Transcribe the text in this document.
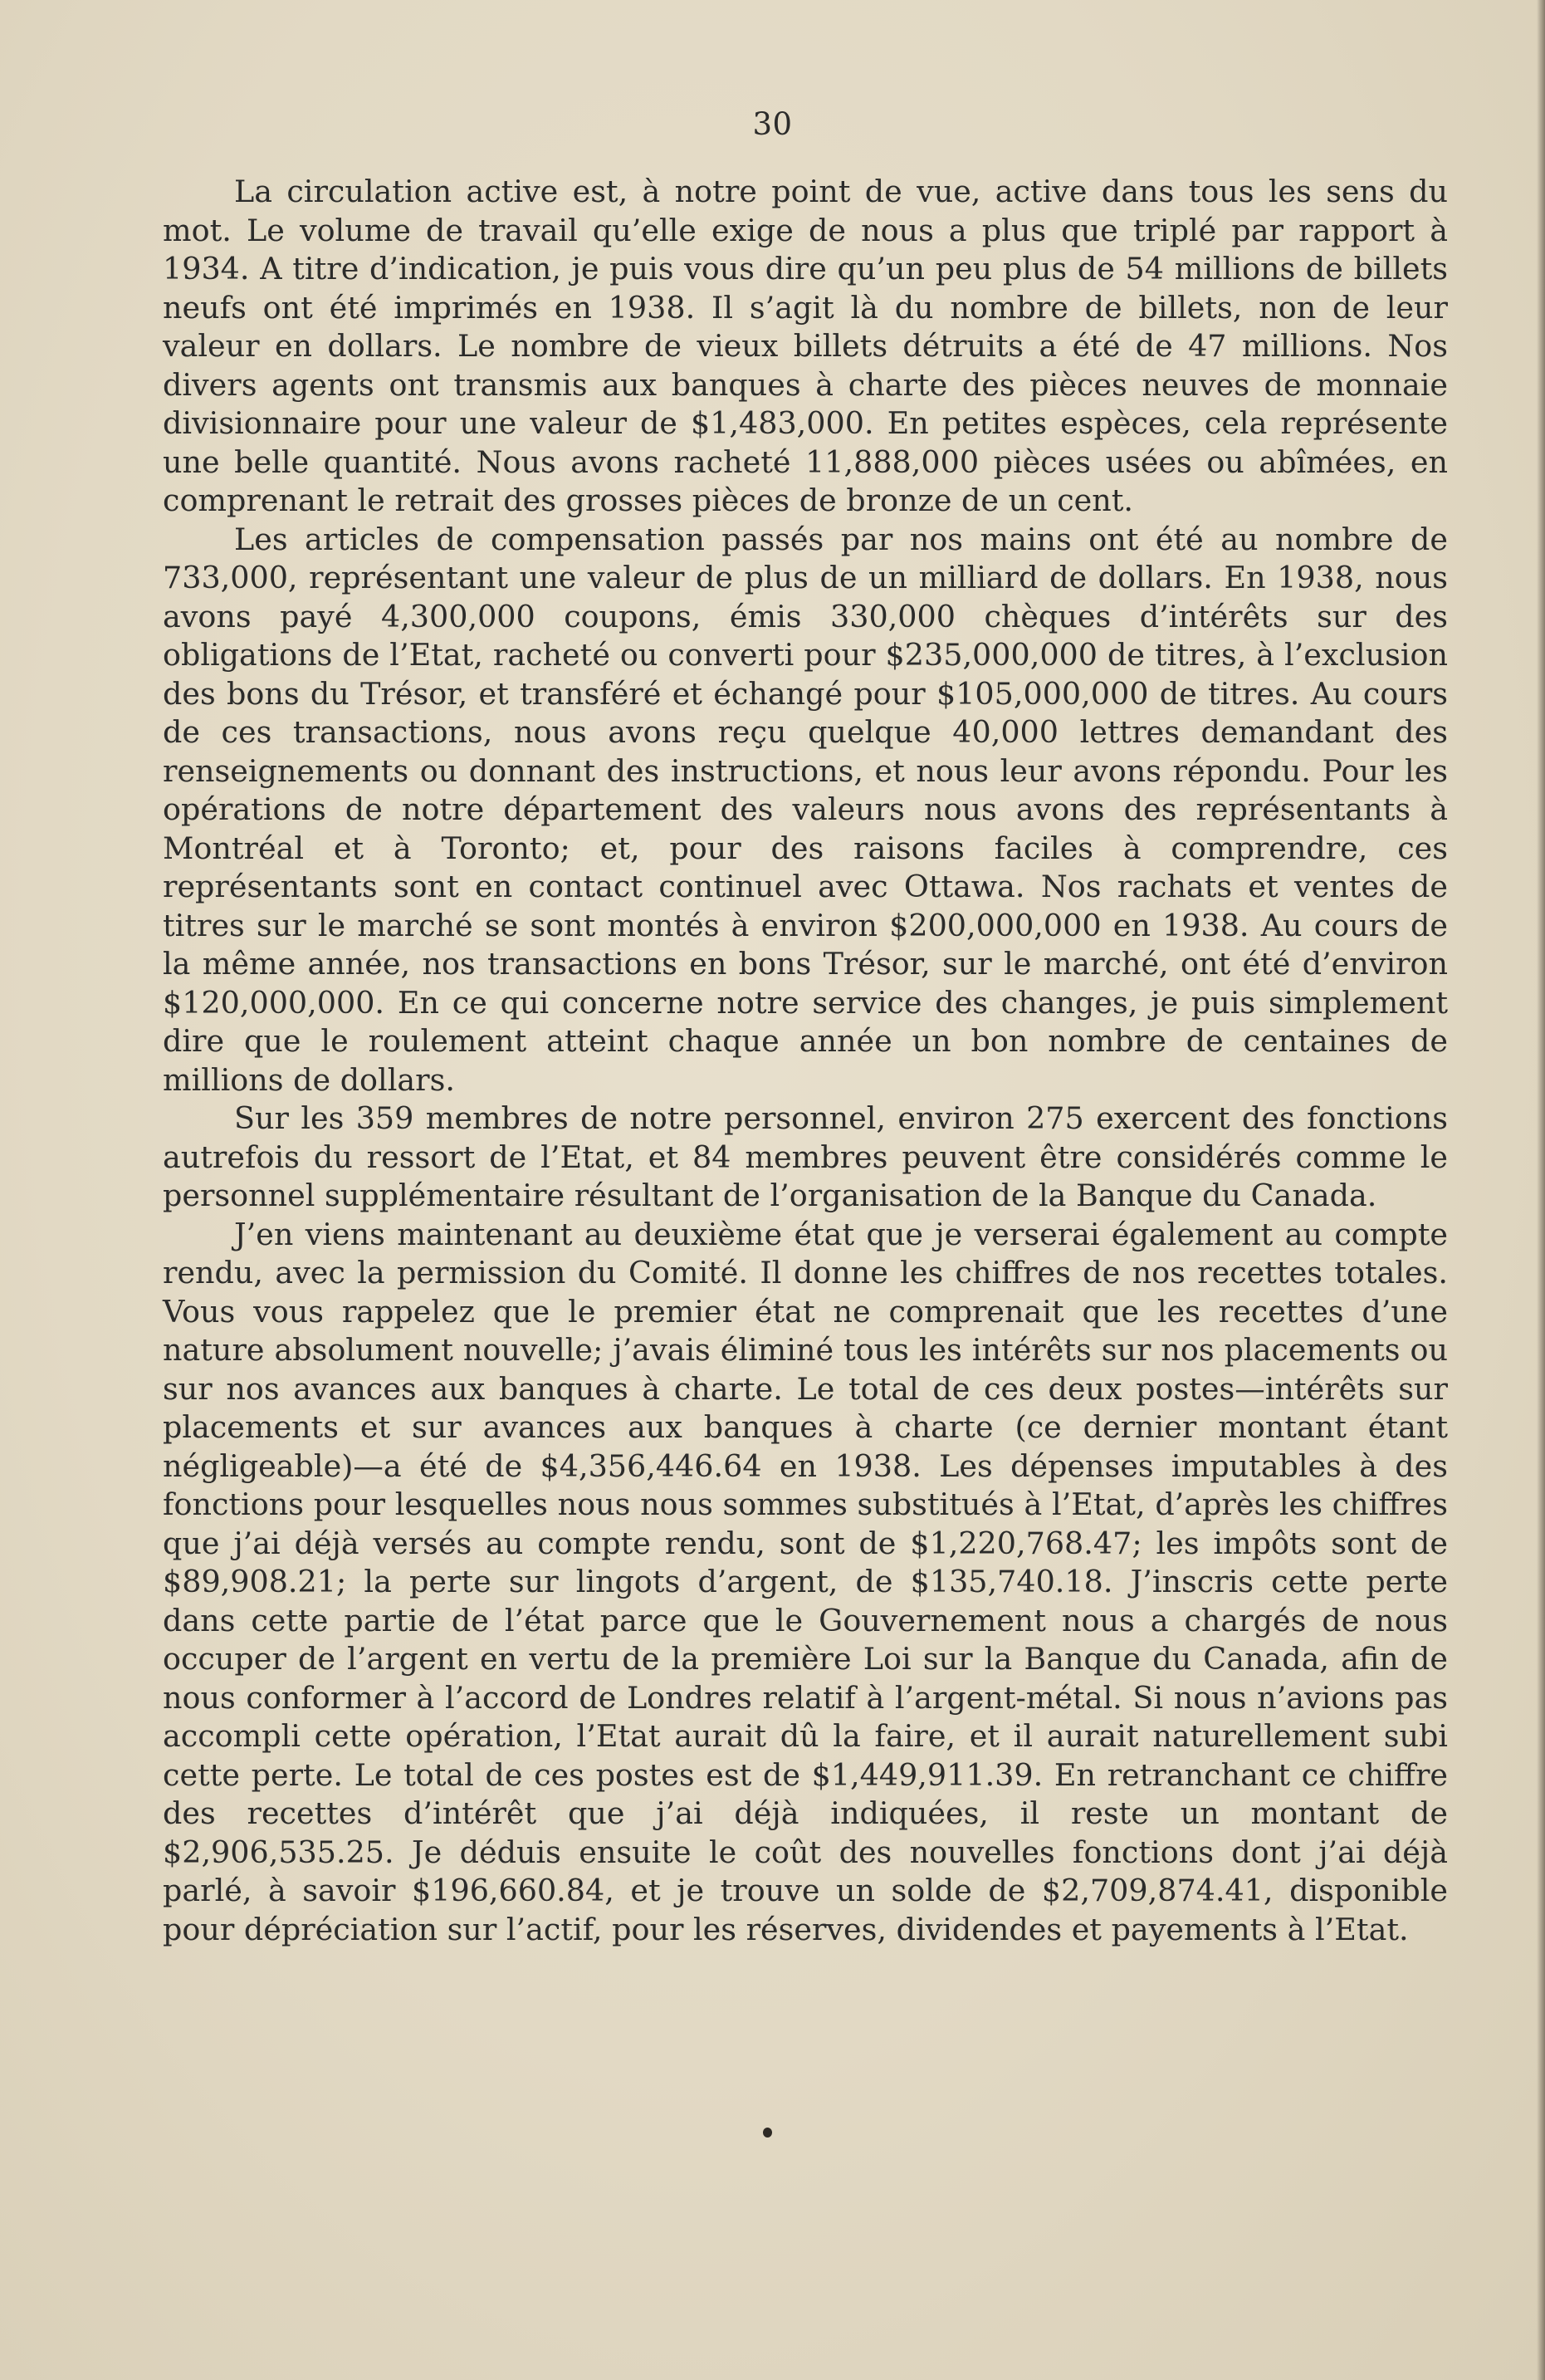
30

La circulation active est, à notre point de vue, active dans tous les sens du mot. Le volume de travail qu’elle exige de nous a plus que triplé par rapport à 1934. A titre d’indication, je puis vous dire qu’un peu plus de 54 millions de billets neufs ont été imprimés en 1938. Il s’agit là du nombre de billets, non de leur valeur en dollars. Le nombre de vieux billets détruits a été de 47 millions. Nos divers agents ont transmis aux banques à charte des pièces neuves de monnaie divisionnaire pour une valeur de $1,483,000. En petites espèces, cela représente une belle quantité. Nous avons racheté 11,888,000 pièces usées ou abîmées, en comprenant le retrait des grosses pièces de bronze de un cent.

Les articles de compensation passés par nos mains ont été au nombre de 733,000, représentant une valeur de plus de un milliard de dollars. En 1938, nous avons payé 4,300,000 coupons, émis 330,000 chèques d’intérêts sur des obligations de l’Etat, racheté ou converti pour $235,000,000 de titres, à l’exclusion des bons du Trésor, et transféré et échangé pour $105,000,000 de titres. Au cours de ces transactions, nous avons reçu quelque 40,000 lettres demandant des renseignements ou donnant des instructions, et nous leur avons répondu. Pour les opérations de notre département des valeurs nous avons des représentants à Montréal et à Toronto; et, pour des raisons faciles à comprendre, ces représentants sont en contact continuel avec Ottawa. Nos rachats et ventes de titres sur le marché se sont montés à environ $200,000,000 en 1938. Au cours de la même année, nos transactions en bons Trésor, sur le marché, ont été d’environ $120,000,000. En ce qui concerne notre service des changes, je puis simplement dire que le roulement atteint chaque année un bon nombre de centaines de millions de dollars.

Sur les 359 membres de notre personnel, environ 275 exercent des fonctions autrefois du ressort de l’Etat, et 84 membres peuvent être considérés comme le personnel supplémentaire résultant de l’organisation de la Banque du Canada.

J’en viens maintenant au deuxième état que je verserai également au compte rendu, avec la permission du Comité. Il donne les chiffres de nos recettes totales. Vous vous rappelez que le premier état ne comprenait que les recettes d’une nature absolument nouvelle; j’avais éliminé tous les intérêts sur nos placements ou sur nos avances aux banques à charte. Le total de ces deux postes—intérêts sur placements et sur avances aux banques à charte (ce dernier montant étant négligeable)—a été de $4,356,446.64 en 1938. Les dépenses imputables à des fonctions pour lesquelles nous nous sommes substitués à l’Etat, d’après les chiffres que j’ai déjà versés au compte rendu, sont de $1,220,768.47; les impôts sont de $89,908.21; la perte sur lingots d’argent, de $135,740.18. J’inscris cette perte dans cette partie de l’état parce que le Gouvernement nous a chargés de nous occuper de l’argent en vertu de la première Loi sur la Banque du Canada, afin de nous conformer à l’accord de Londres relatif à l’argent-métal. Si nous n’avions pas accompli cette opération, l’Etat aurait dû la faire, et il aurait naturellement subi cette perte. Le total de ces postes est de $1,449,911.39. En retranchant ce chiffre des recettes d’intérêt que j’ai déjà indiquées, il reste un montant de $2,906,535.25. Je déduis ensuite le coût des nouvelles fonctions dont j’ai déjà parlé, à savoir $196,660.84, et je trouve un solde de $2,709,874.41, disponible pour dépréciation sur l’actif, pour les réserves, dividendes et payements à l’Etat.
